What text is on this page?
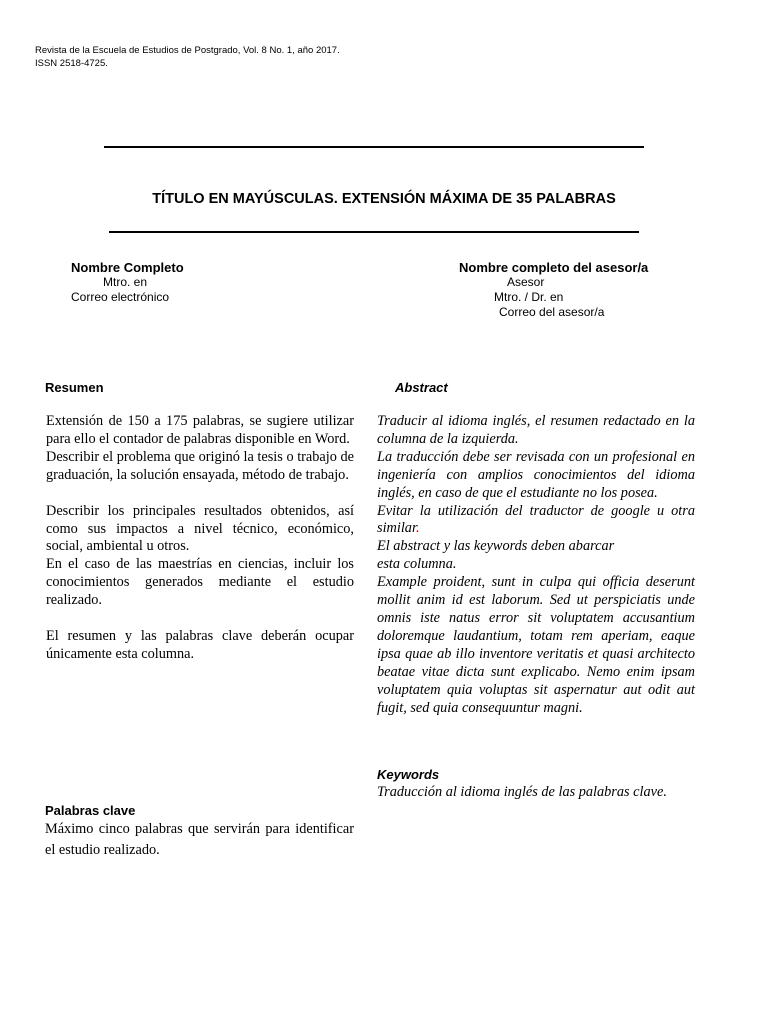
Revista de la Escuela de Estudios de Postgrado, Vol. 8 No. 1, año 2017.
ISSN 2518-4725.
TÍTULO EN MAYÚSCULAS. EXTENSIÓN MÁXIMA DE 35 PALABRAS
Nombre Completo
Mtro. en
Correo electrónico
Nombre completo del asesor/a
Asesor
Mtro. / Dr. en
Correo del asesor/a
Resumen	Abstract

Extensión de 150 a 175 palabras, se sugiere utilizar para ello el contador de palabras disponible en Word.

Describir el problema que originó la tesis o trabajo de graduación, la solución ensayada, método de trabajo.

Describir los principales resultados obtenidos, así como sus impactos a nivel técnico, económico, social, ambiental u otros.

En el caso de las maestrías en ciencias, incluir los conocimientos generados mediante el estudio realizado.

El resumen y las palabras clave deberán ocupar únicamente esta columna.

Traducir al idioma inglés, el resumen redactado en la columna de la izquierda.

La traducción debe ser revisada con un profesional en ingeniería con amplios conocimientos del idioma inglés, en caso de que el estudiante no los posea.

Evitar la utilización del traductor de google u otra similar.

El abstract y las keywords deben abarcar

esta columna.

Example proident, sunt in culpa qui officia deserunt mollit anim id est laborum. Sed ut perspiciatis unde omnis iste natus error sit voluptatem accusantium doloremque laudantium, totam rem aperiam, eaque ipsa quae ab illo inventore veritatis et quasi architecto beatae vitae dicta sunt explicabo. Nemo enim ipsam voluptatem quia voluptas sit aspernatur aut odit aut fugit, sed quia consequuntur magni.

Keywords
Traducción al idioma inglés de las palabras clave.
Palabras clave
Máximo cinco palabras que servirán para identificar el estudio realizado.
